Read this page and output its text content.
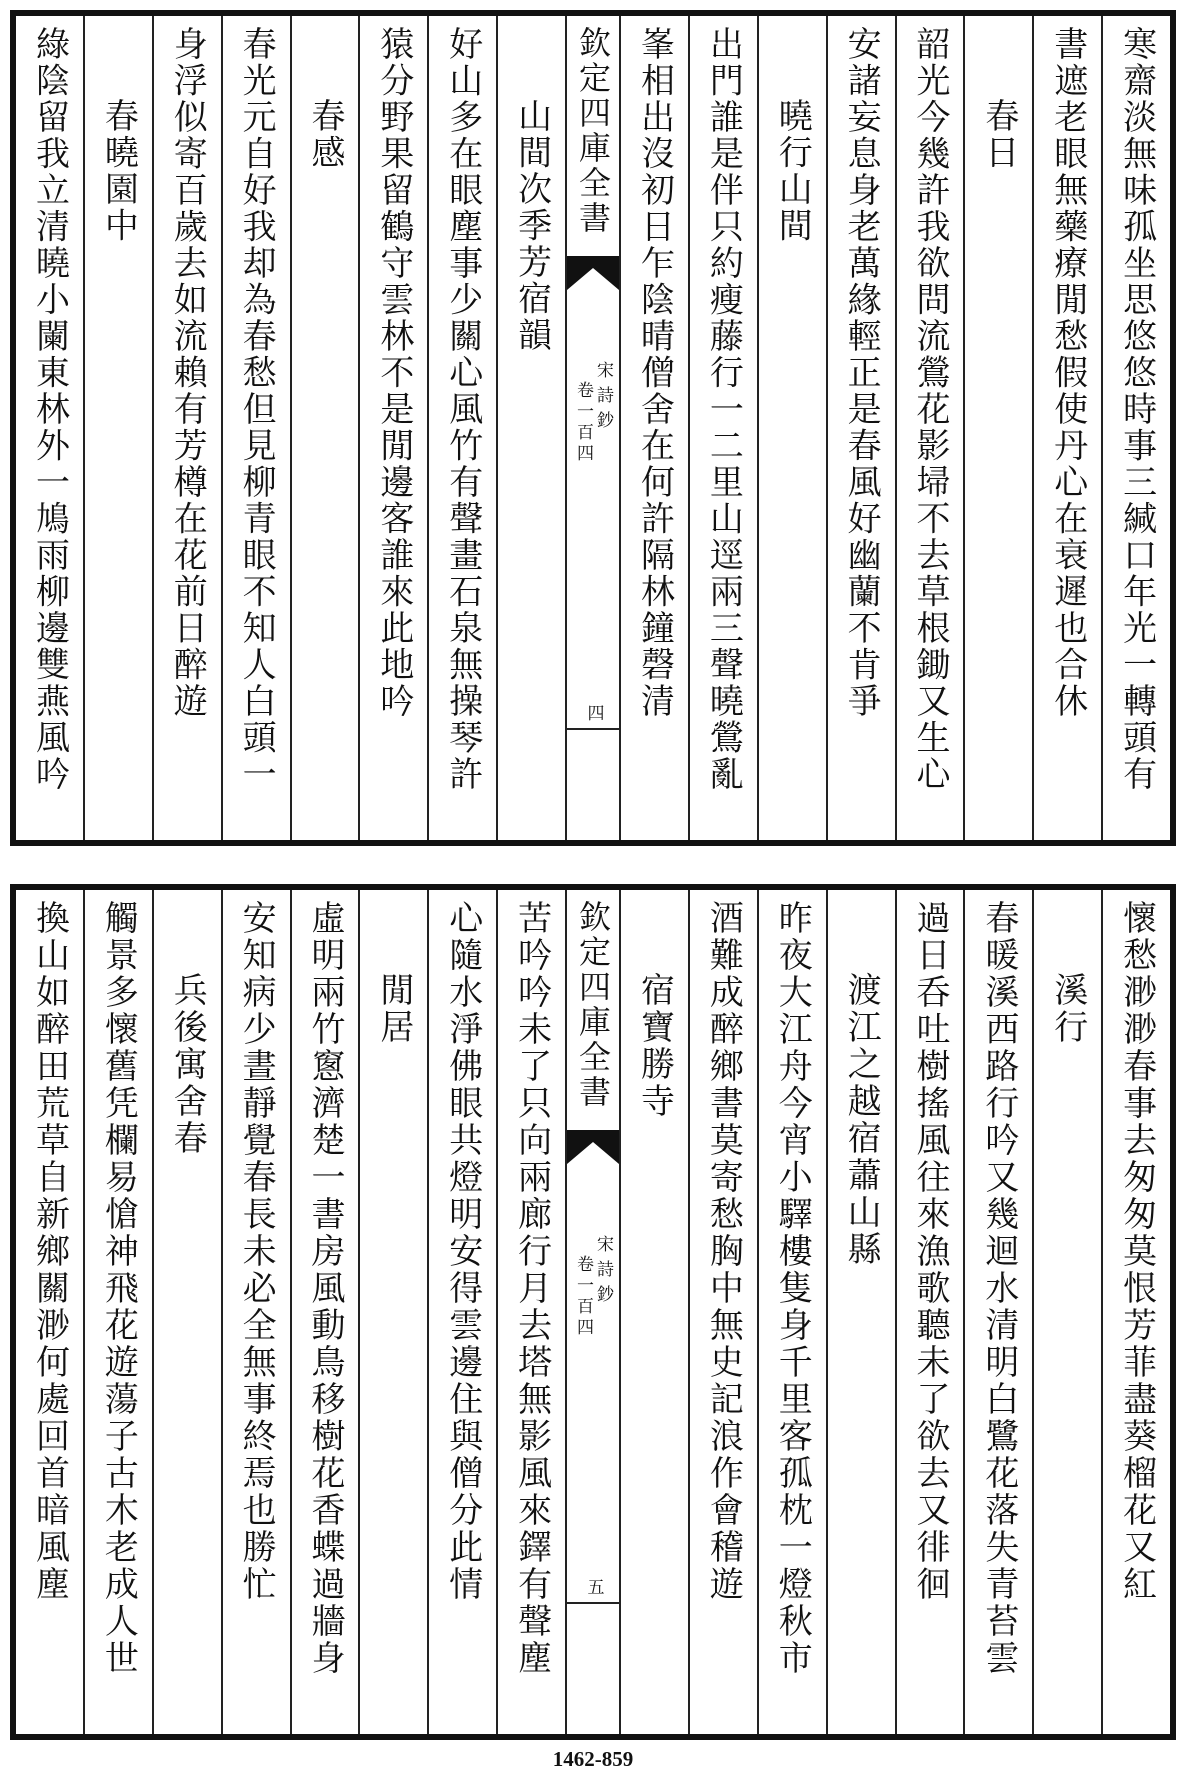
寒齋淡無味孤坐思悠悠時事三緘口年光一轉頭有
書遮老眼無藥療閒愁假使丹心在衰遲也合休
春日
韶光今幾許我欲問流鶯花影埽不去草根鋤又生心
安諸妄息身老萬緣輕正是春風好幽蘭不肯爭
曉行山間
出門誰是伴只約瘦藤行一二里山逕兩三聲曉鶯亂
峯相出沒初日乍陰晴僧舍在何許隔林鐘磬清
欽定四庫全書
宋詩鈔
卷一百四
四
山間次季芳宿韻
好山多在眼塵事少關心風竹有聲畫石泉無操琴許
猿分野果留鶴守雲林不是閒邊客誰來此地吟
春感
春光元自好我却為春愁但見柳青眼不知人白頭一
身浮似寄百歲去如流賴有芳樽在花前日醉遊
春曉園中
綠陰留我立清曉小闌東林外一鳩雨柳邊雙燕風吟
懷愁渺渺春事去匆匆莫恨芳菲盡葵榴花又紅
溪行
春暖溪西路行吟又幾迴水清明白鷺花落失青苔雲
過日呑吐樹搖風往來漁歌聽未了欲去又徘徊
渡江之越宿蕭山縣
昨夜大江舟今宵小驛樓隻身千里客孤枕一燈秋市
酒難成醉鄉書莫寄愁胸中無史記浪作會稽遊
宿寶勝寺
欽定四庫全書
宋詩鈔
卷一百四
五
苦吟吟未了只向兩廊行月去塔無影風來鐸有聲塵
心隨水淨佛眼共燈明安得雲邊住與僧分此情
閒居
虛明兩竹窻濟楚一書房風動鳥移樹花香蝶過牆身
安知病少晝靜覺春長未必全無事終焉也勝忙
兵後寓舍春
觸景多懷舊凭欄易愴神飛花遊蕩子古木老成人世
換山如醉田荒草自新鄉關渺何處回首暗風塵
1462-859
